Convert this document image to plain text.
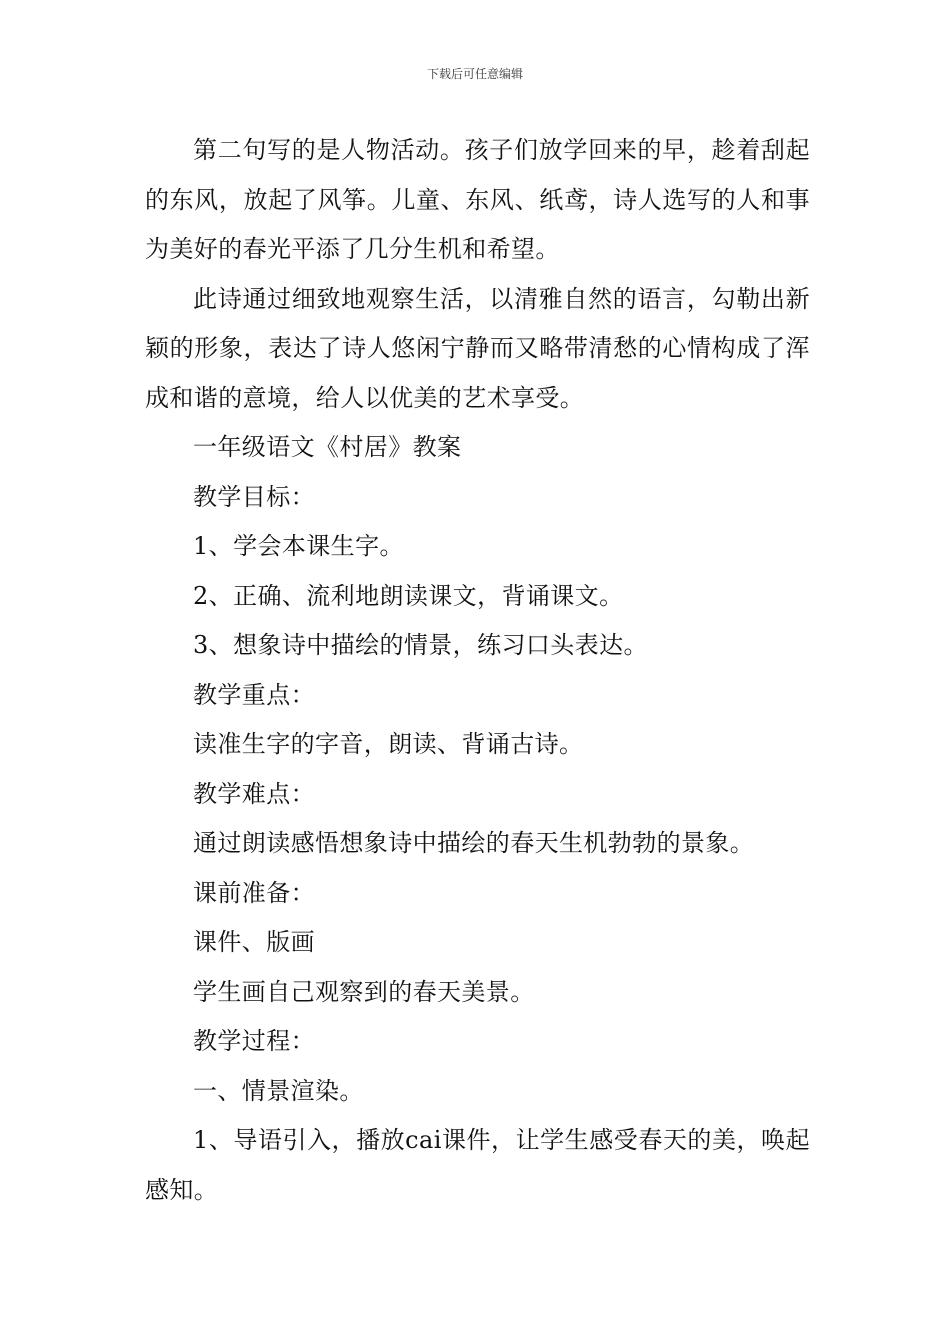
下载后可任意编辑

第二句写的是人物活动。孩子们放学回来的早，趁着刮起的东风，放起了风筝。儿童、东风、纸鸢，诗人选写的人和事为美好的春光平添了几分生机和希望。

此诗通过细致地观察生活，以清雅自然的语言，勾勒出新颖的形象，表达了诗人悠闲宁静而又略带清愁的心情构成了浑成和谐的意境，给人以优美的艺术享受。

一年级语文《村居》教案

教学目标：

1、学会本课生字。

2、正确、流利地朗读课文，背诵课文。

3、想象诗中描绘的情景，练习口头表达。

教学重点：

读准生字的字音，朗读、背诵古诗。

教学难点：

通过朗读感悟想象诗中描绘的春天生机勃勃的景象。

课前准备：

课件、版画

学生画自己观察到的春天美景。

教学过程：

一、情景渲染。

1、导语引入，播放cai课件，让学生感受春天的美，唤起感知。
